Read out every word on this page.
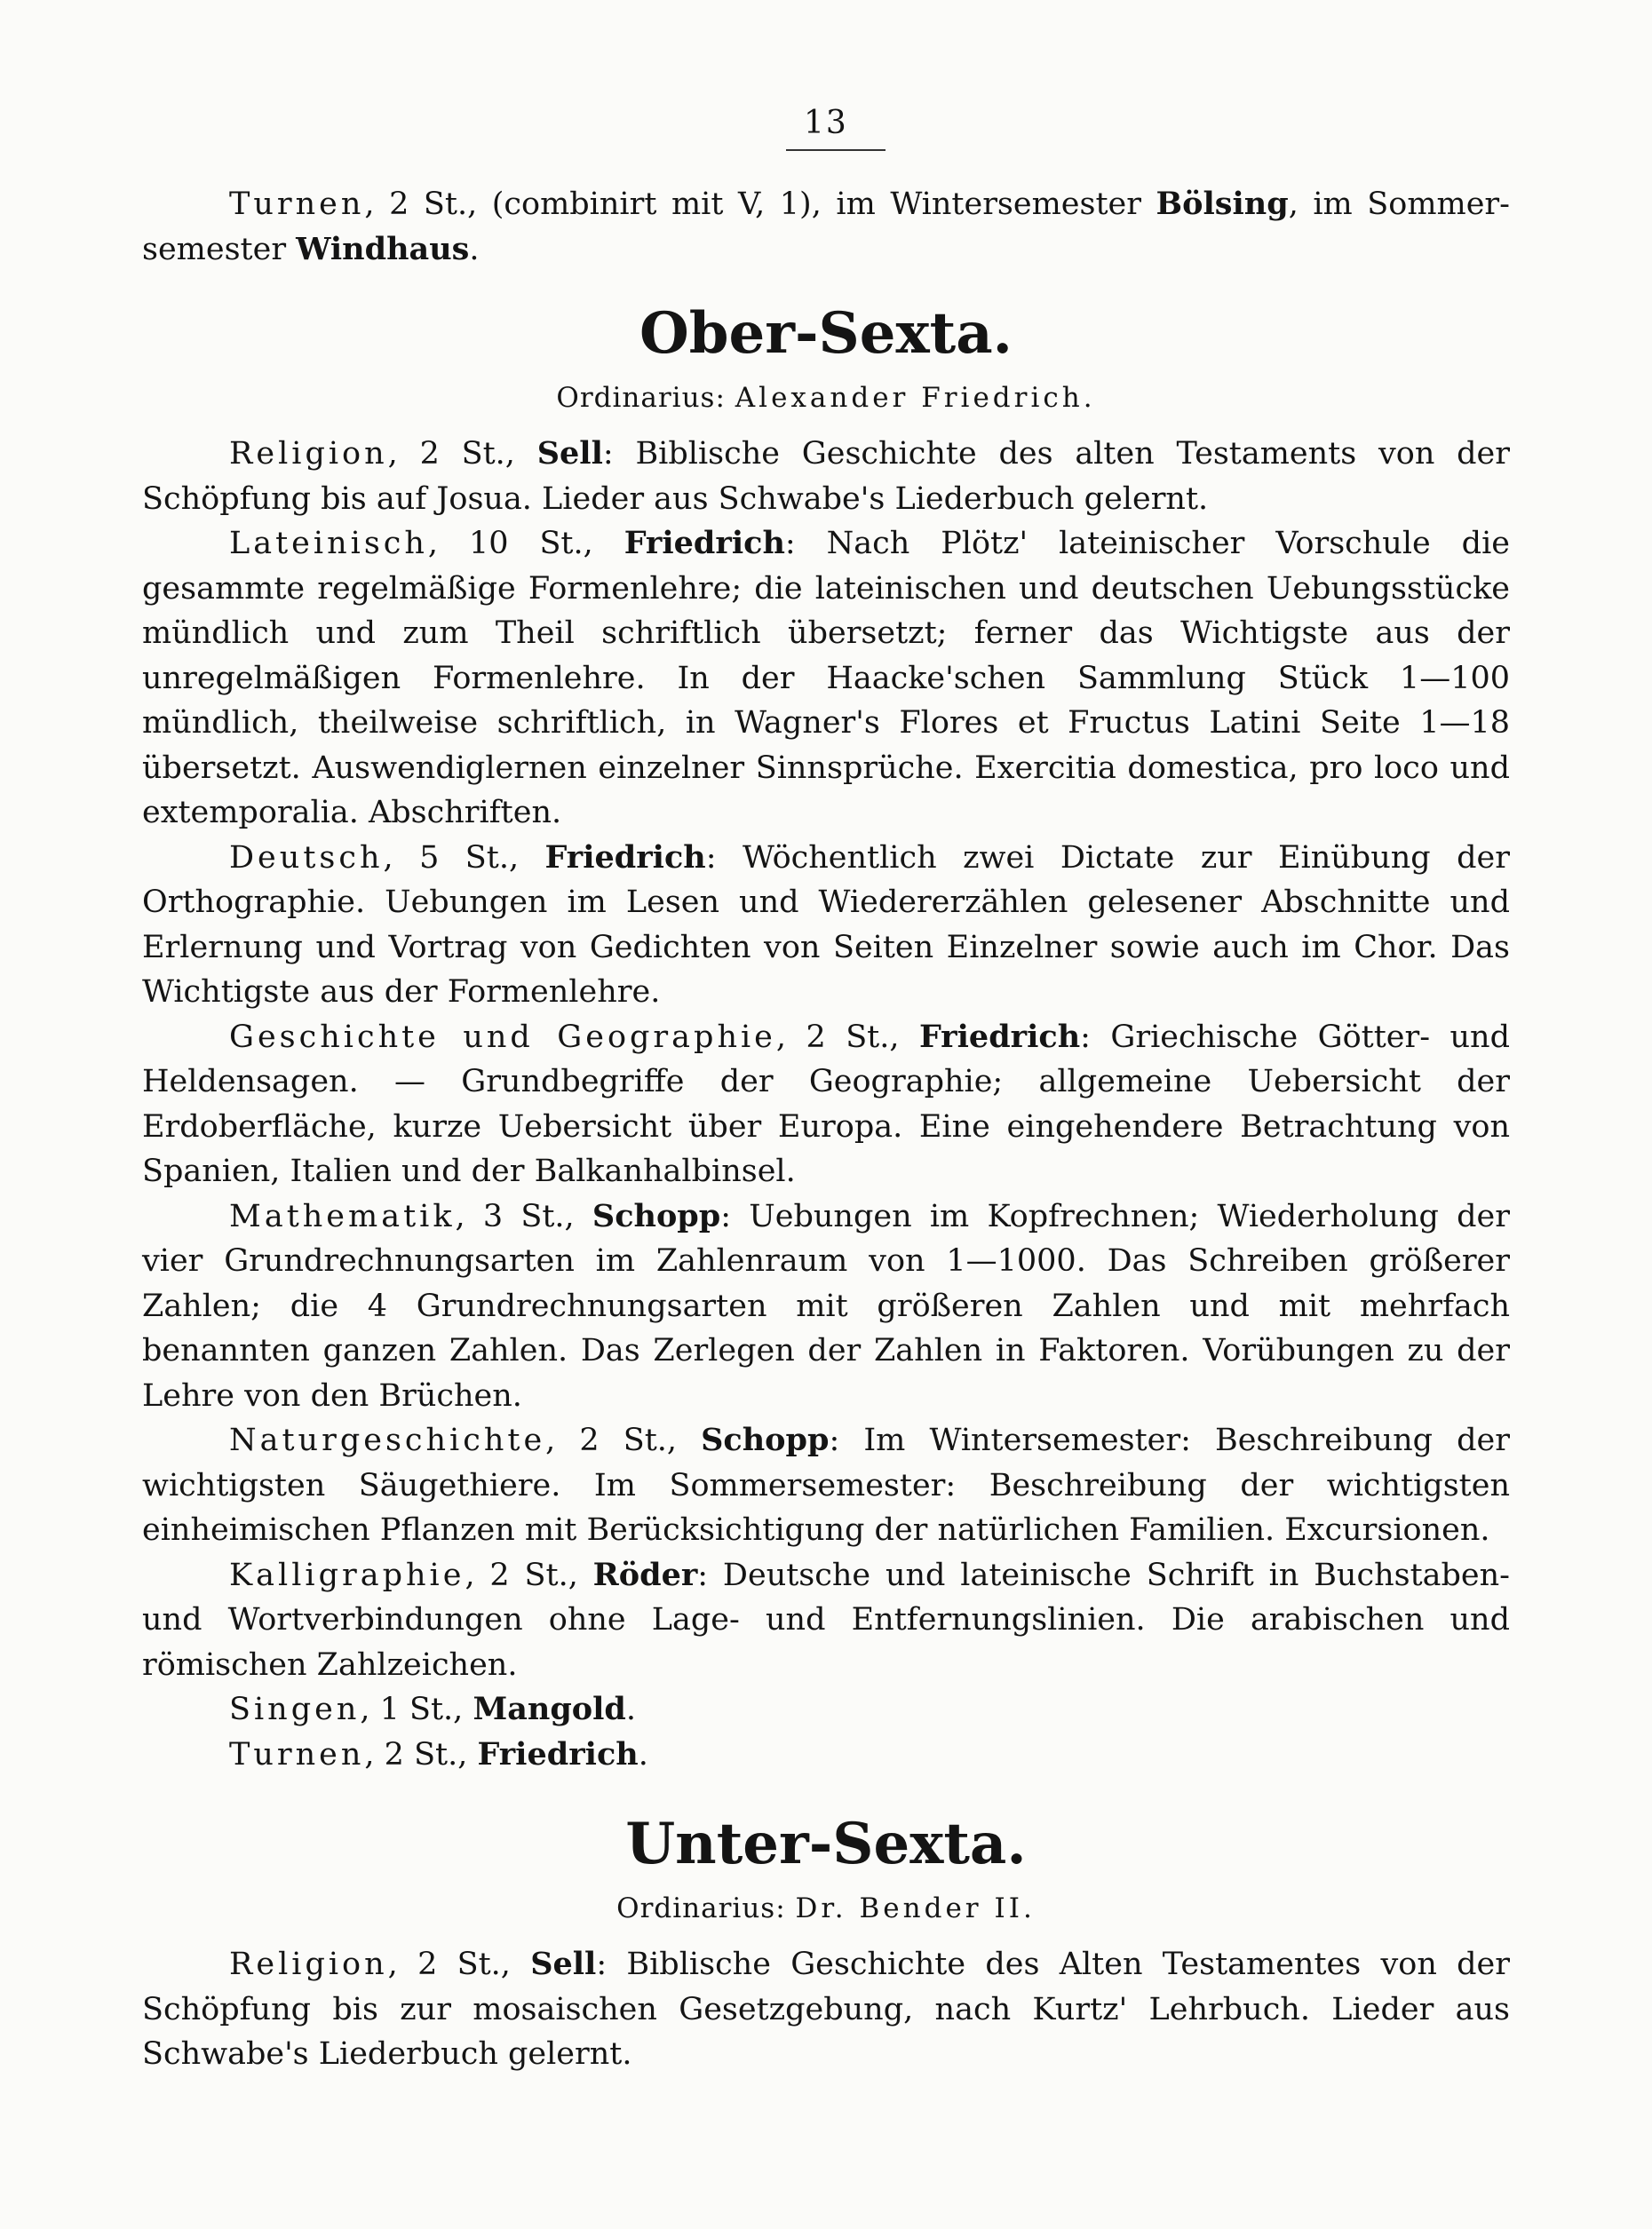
13

Turnen, 2 St., (combinirt mit V, 1), im Wintersemester Bölsing, im Sommer-semester Windhaus.

Ober-Sexta.
Ordinarius: Alexander Friedrich.

Religion, 2 St., Sell: Biblische Geschichte des alten Testaments von der Schöpfung bis auf Josua. Lieder aus Schwabe's Liederbuch gelernt.

Lateinisch, 10 St., Friedrich: Nach Plötz' lateinischer Vorschule die gesammte regelmäßige Formenlehre; die lateinischen und deutschen Uebungsstücke mündlich und zum Theil schriftlich übersetzt; ferner das Wichtigste aus der unregelmäßigen Formenlehre. In der Haacke'schen Sammlung Stück 1—100 mündlich, theilweise schriftlich, in Wagner's Flores et Fructus Latini Seite 1—18 übersetzt. Auswendiglernen einzelner Sinnsprüche. Exercitia domestica, pro loco und extemporalia. Abschriften.

Deutsch, 5 St., Friedrich: Wöchentlich zwei Dictate zur Einübung der Orthographie. Uebungen im Lesen und Wiedererzählen gelesener Abschnitte und Erlernung und Vortrag von Gedichten von Seiten Einzelner sowie auch im Chor. Das Wichtigste aus der Formenlehre.

Geschichte und Geographie, 2 St., Friedrich: Griechische Götter- und Heldensagen. — Grundbegriffe der Geographie; allgemeine Uebersicht der Erdoberfläche, kurze Uebersicht über Europa. Eine eingehendere Betrachtung von Spanien, Italien und der Balkanhalbinsel.

Mathematik, 3 St., Schopp: Uebungen im Kopfrechnen; Wiederholung der vier Grundrechnungsarten im Zahlenraum von 1—1000. Das Schreiben größerer Zahlen; die 4 Grundrechnungsarten mit größeren Zahlen und mit mehrfach benannten ganzen Zahlen. Das Zerlegen der Zahlen in Faktoren. Vorübungen zu der Lehre von den Brüchen.

Naturgeschichte, 2 St., Schopp: Im Wintersemester: Beschreibung der wichtigsten Säugethiere. Im Sommersemester: Beschreibung der wichtigsten einheimischen Pflanzen mit Berücksichtigung der natürlichen Familien. Excursionen.

Kalligraphie, 2 St., Röder: Deutsche und lateinische Schrift in Buchstaben- und Wortverbindungen ohne Lage- und Entfernungslinien. Die arabischen und römischen Zahlzeichen.

Singen, 1 St., Mangold.

Turnen, 2 St., Friedrich.

Unter-Sexta.
Ordinarius: Dr. Bender II.

Religion, 2 St., Sell: Biblische Geschichte des Alten Testamentes von der Schöpfung bis zur mosaischen Gesetzgebung, nach Kurtz' Lehrbuch. Lieder aus Schwabe's Liederbuch gelernt.
